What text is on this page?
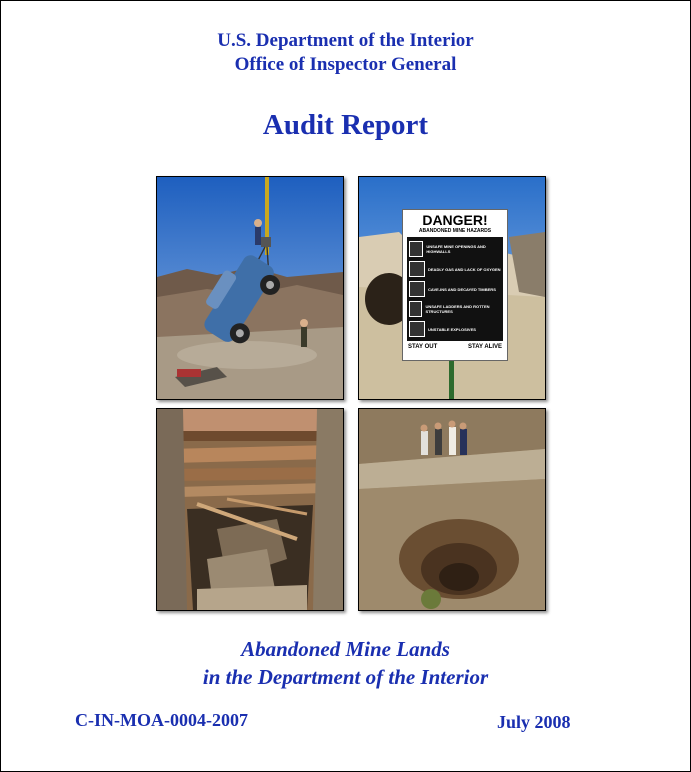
U.S. Department of the Interior
Office of Inspector General
Audit Report
DANGER!
ABANDONED MINE HAZARDS
UNSAFE MINE OPENINGS AND HIGHWALLS
DEADLY GAS AND LACK OF OXYGEN
CAVE-INS AND DECAYED TIMBERS
UNSAFE LADDERS AND ROTTEN STRUCTURES
UNSTABLE EXPLOSIVES
STAY OUT	STAY ALIVE
Abandoned Mine Lands
in the Department of the Interior
C-IN-MOA-0004-2007	July 2008
